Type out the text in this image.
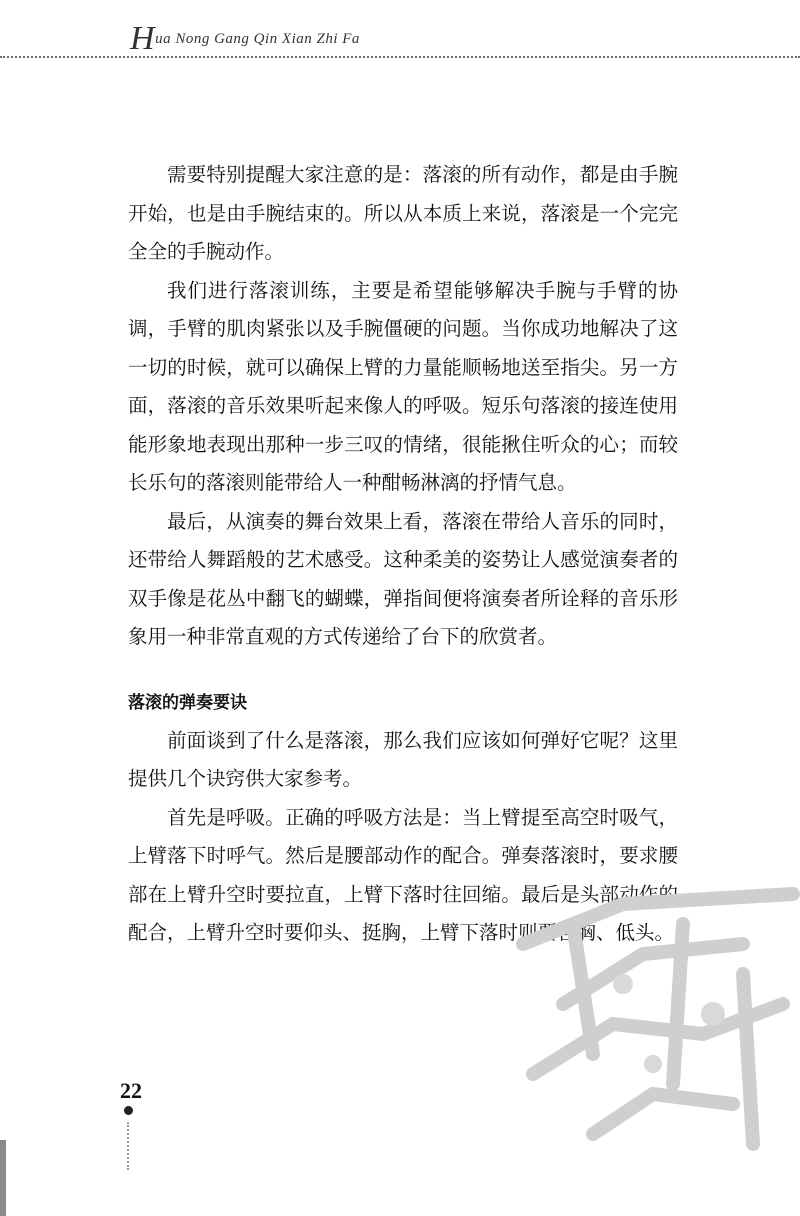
Hua Nong Gang Qin Xian Zhi Fa

需要特别提醒大家注意的是：落滚的所有动作，都是由手腕开始，也是由手腕结束的。所以从本质上来说，落滚是一个完完全全的手腕动作。

我们进行落滚训练，主要是希望能够解决手腕与手臂的协调，手臂的肌肉紧张以及手腕僵硬的问题。当你成功地解决了这一切的时候，就可以确保上臂的力量能顺畅地送至指尖。另一方面，落滚的音乐效果听起来像人的呼吸。短乐句落滚的接连使用能形象地表现出那种一步三叹的情绪，很能揪住听众的心；而较长乐句的落滚则能带给人一种酣畅淋漓的抒情气息。

最后，从演奏的舞台效果上看，落滚在带给人音乐的同时，还带给人舞蹈般的艺术感受。这种柔美的姿势让人感觉演奏者的双手像是花丛中翻飞的蝴蝶，弹指间便将演奏者所诠释的音乐形象用一种非常直观的方式传递给了台下的欣赏者。

落滚的弹奏要诀

前面谈到了什么是落滚，那么我们应该如何弹好它呢？这里提供几个诀窍供大家参考。

首先是呼吸。正确的呼吸方法是：当上臂提至高空时吸气，上臂落下时呼气。然后是腰部动作的配合。弹奏落滚时，要求腰部在上臂升空时要拉直，上臂下落时往回缩。最后是头部动作的配合，上臂升空时要仰头、挺胸，上臂下落时则要含胸、低头。

22
